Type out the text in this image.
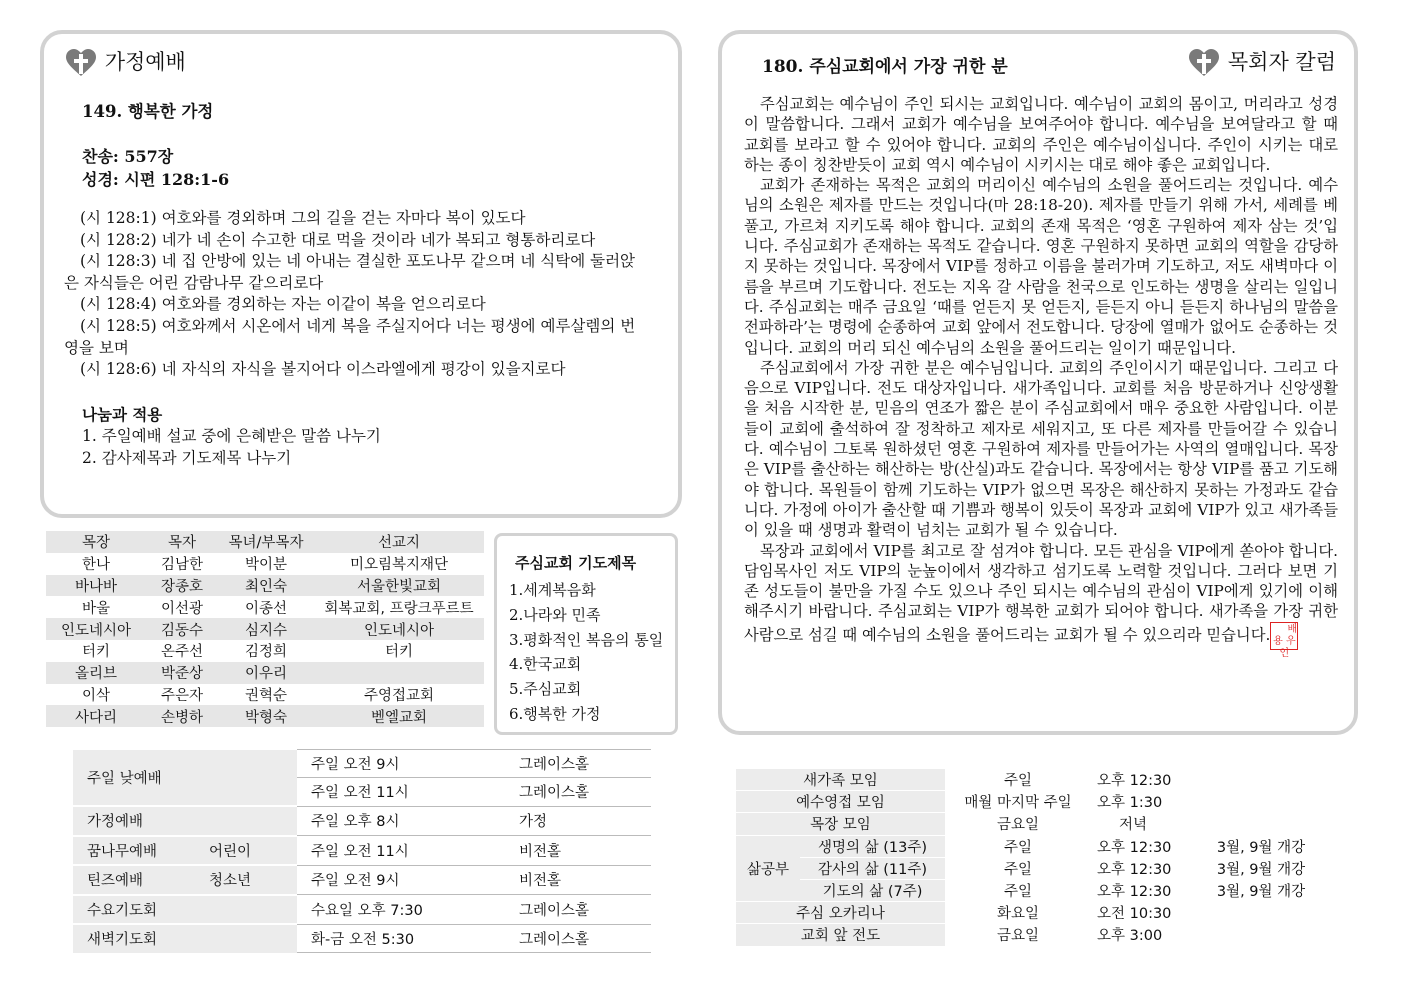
가정예배
149. 행복한 가정
찬송: 557장
성경: 시편 128:1-6

(시 128:1) 여호와를 경외하며 그의 길을 걷는 자마다 복이 있도다

(시 128:2) 네가 네 손이 수고한 대로 먹을 것이라 네가 복되고 형통하리로다

(시 128:3) 네 집 안방에 있는 네 아내는 결실한 포도나무 같으며 네 식탁에 둘러앉은 자식들은 어린 감람나무 같으리로다

(시 128:4) 여호와를 경외하는 자는 이같이 복을 얻으리로다

(시 128:5) 여호와께서 시온에서 네게 복을 주실지어다 너는 평생에 예루살렘의 번영을 보며

(시 128:6) 네 자식의 자식을 볼지어다 이스라엘에게 평강이 있을지로다

나눔과 적용

1. 주일예배 설교 중에 은혜받은 말씀 나누기

2. 감사제목과 기도제목 나누기

180. 주심교회에서 가장 귀한 분	목회자 칼럼

주심교회는 예수님이 주인 되시는 교회입니다. 예수님이 교회의 몸이고, 머리라고 성경이 말씀합니다. 그래서 교회가 예수님을 보여주어야 합니다. 예수님을 보여달라고 할 때 교회를 보라고 할 수 있어야 합니다. 교회의 주인은 예수님이십니다. 주인이 시키는 대로 하는 종이 칭찬받듯이 교회 역시 예수님이 시키시는 대로 해야 좋은 교회입니다.

교회가 존재하는 목적은 교회의 머리이신 예수님의 소원을 풀어드리는 것입니다. 예수님의 소원은 제자를 만드는 것입니다(마 28:18-20). 제자를 만들기 위해 가서, 세례를 베풀고, 가르쳐 지키도록 해야 합니다. 교회의 존재 목적은 ‘영혼 구원하여 제자 삼는 것’입니다. 주심교회가 존재하는 목적도 같습니다. 영혼 구원하지 못하면 교회의 역할을 감당하지 못하는 것입니다. 목장에서 VIP를 정하고 이름을 불러가며 기도하고, 저도 새벽마다 이름을 부르며 기도합니다. 전도는 지옥 갈 사람을 천국으로 인도하는 생명을 살리는 일입니다. 주심교회는 매주 금요일 ‘때를 얻든지 못 얻든지, 듣든지 아니 듣든지 하나님의 말씀을 전파하라’는 명령에 순종하여 교회 앞에서 전도합니다. 당장에 열매가 없어도 순종하는 것입니다. 교회의 머리 되신 예수님의 소원을 풀어드리는 일이기 때문입니다.

주심교회에서 가장 귀한 분은 예수님입니다. 교회의 주인이시기 때문입니다. 그리고 다음으로 VIP입니다. 전도 대상자입니다. 새가족입니다. 교회를 처음 방문하거나 신앙생활을 처음 시작한 분, 믿음의 연조가 짧은 분이 주심교회에서 매우 중요한 사람입니다. 이분들이 교회에 출석하여 잘 정착하고 제자로 세워지고, 또 다른 제자를 만들어갈 수 있습니다. 예수님이 그토록 원하셨던 영혼 구원하여 제자를 만들어가는 사역의 열매입니다. 목장은 VIP를 출산하는 해산하는 방(산실)과도 같습니다. 목장에서는 항상 VIP를 품고 기도해야 합니다. 목원들이 함께 기도하는 VIP가 없으면 목장은 해산하지 못하는 가정과도 같습니다. 가정에 아이가 출산할 때 기쁨과 행복이 있듯이 목장과 교회에 VIP가 있고 새가족들이 있을 때 생명과 활력이 넘치는 교회가 될 수 있습니다.

목장과 교회에서 VIP를 최고로 잘 섬겨야 합니다. 모든 관심을 VIP에게 쏟아야 합니다. 담임목사인 저도 VIP의 눈높이에서 생각하고 섬기도록 노력할 것입니다. 그러다 보면 기존 성도들이 불만을 가질 수도 있으나 주인 되시는 예수님의 관심이 VIP에게 있기에 이해해주시기 바랍니다. 주심교회는 VIP가 행복한 교회가 되어야 합니다. 새가족을 가장 귀한 사람으로 섬길 때 예수님의 소원을 풀어드리는 교회가 될 수 있으리라 믿습니다. 배용 우인

목장	목자	목녀/부목자	선교지
한나	김남한	박이분	미오림복지재단
바나바	장종호	최인숙	서울한빛교회
바울	이선광	이종선	회복교회, 프랑크푸르트
인도네시아	김동수	심지수	인도네시아
터키	온주선	김정희	터키
올리브	박준상	이우리	
이삭	주은자	권혁순	주영접교회
사다리	손병하	박형숙	벧엘교회
주심교회 기도제목
1.세계복음화
2.나라와 민족
3.평화적인 복음의 통일
4.한국교회
5.주심교회
6.행복한 가정
주일 낮예배		주일 오전 9시	그레이스홀
		주일 오전 11시	그레이스홀
가정예배		주일 오후 8시	가정
꿈나무예배	어린이	주일 오전 11시	비전홀
틴즈예배	청소년	주일 오전 9시	비전홀
수요기도회		수요일 오후 7:30	그레이스홀
새벽기도회		화-금 오전 5:30	그레이스홀
새가족 모임		주일	오후 12:30	
예수영접 모임		매월 마지막 주일	오후 1:30	
목장 모임		금요일	저녁	
삶공부	생명의 삶 (13주)	주일	오후 12:30	3월, 9월 개강
	감사의 삶 (11주)	주일	오후 12:30	3월, 9월 개강
	기도의 삶 (7주)	주일	오후 12:30	3월, 9월 개강
주심 오카리나		화요일	오전 10:30	
교회 앞 전도		금요일	오후 3:00	
